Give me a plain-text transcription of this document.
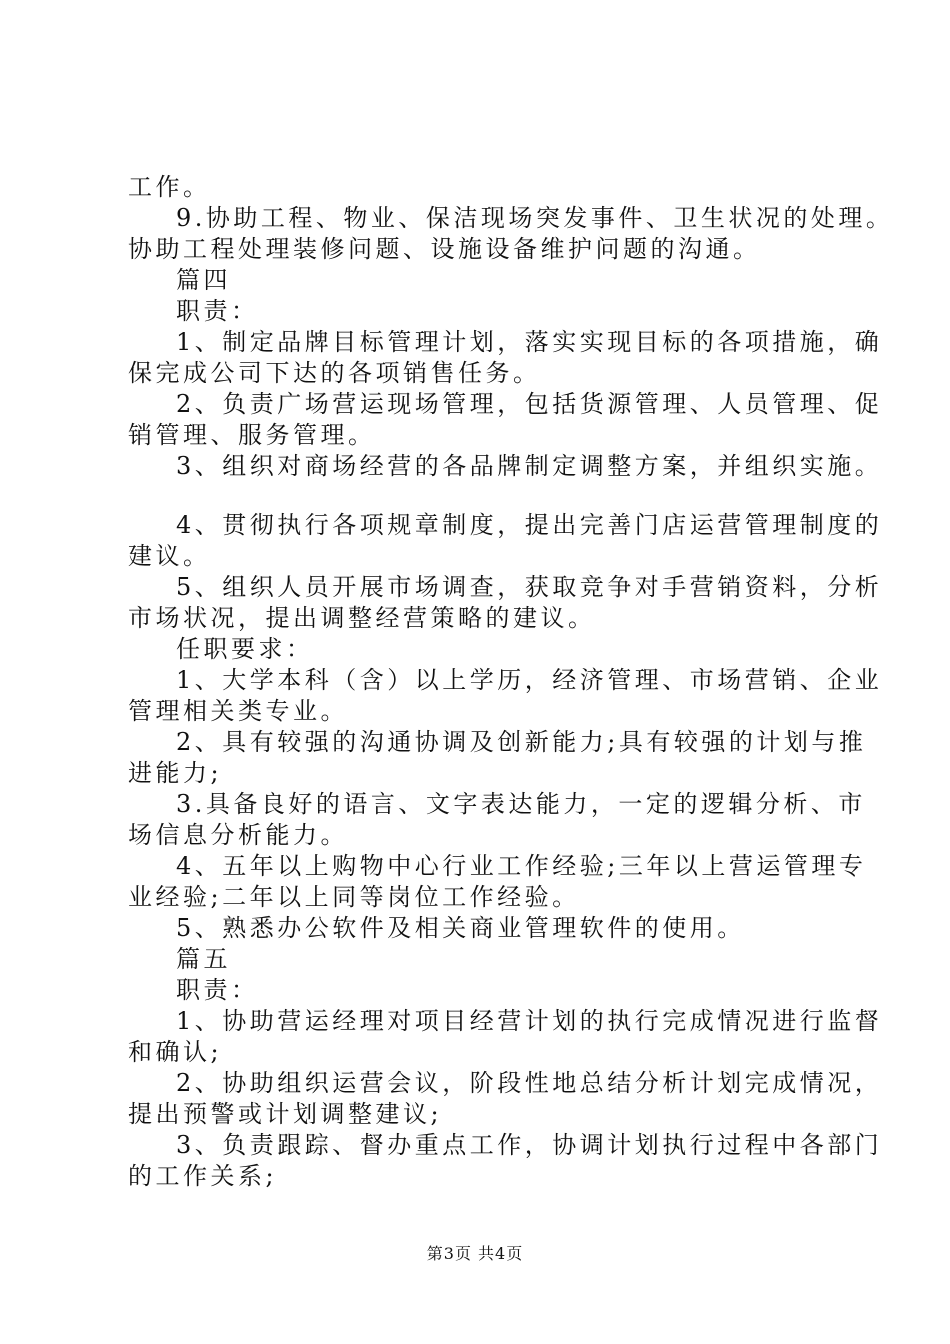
工作。
9.协助工程、物业、保洁现场突发事件、卫生状况的处理。
协助工程处理装修问题、设施设备维护问题的沟通。
篇四
职责：
1、制定品牌目标管理计划，落实实现目标的各项措施，确
保完成公司下达的各项销售任务。
2、负责广场营运现场管理，包括货源管理、人员管理、促
销管理、服务管理。
3、组织对商场经营的各品牌制定调整方案，并组织实施。
4、贯彻执行各项规章制度，提出完善门店运营管理制度的
建议。
5、组织人员开展市场调查，获取竞争对手营销资料，分析
市场状况，提出调整经营策略的建议。
任职要求：
1、大学本科（含）以上学历，经济管理、市场营销、企业
管理相关类专业。
2、具有较强的沟通协调及创新能力;具有较强的计划与推
进能力;
3.具备良好的语言、文字表达能力，一定的逻辑分析、市
场信息分析能力。
4、五年以上购物中心行业工作经验;三年以上营运管理专
业经验;二年以上同等岗位工作经验。
5、熟悉办公软件及相关商业管理软件的使用。
篇五
职责：
1、协助营运经理对项目经营计划的执行完成情况进行监督
和确认;
2、协助组织运营会议，阶段性地总结分析计划完成情况，
提出预警或计划调整建议;
3、负责跟踪、督办重点工作，协调计划执行过程中各部门
的工作关系;
第3页 共4页
